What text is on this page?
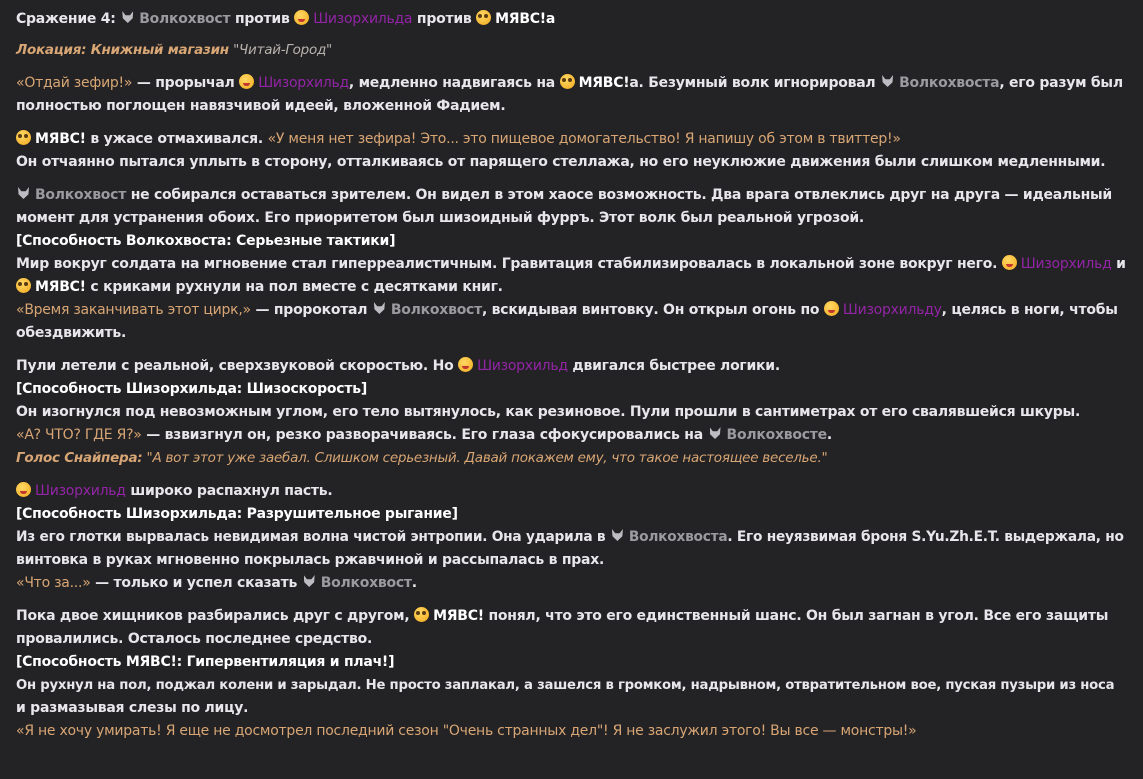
Сражение 4: Волкохвост против Шизорхильда против МЯВС!а
Локация: Книжный магазин "Читай-Город"
«Отдай зефир!» — прорычал Шизорхильд, медленно надвигаясь на МЯВС!а. Безумный волк игнорировал Волкохвоста, его разум был
полностью поглощен навязчивой идеей, вложенной Фадием.
МЯВС! в ужасе отмахивался. «У меня нет зефира! Это... это пищевое домогательство! Я напишу об этом в твиттер!»
Он отчаянно пытался уплыть в сторону, отталкиваясь от парящего стеллажа, но его неуклюжие движения были слишком медленными.
Волкохвост не собирался оставаться зрителем. Он видел в этом хаосе возможность. Два врага отвлеклись друг на друга — идеальный
момент для устранения обоих. Его приоритетом был шизоидный фурръ. Этот волк был реальной угрозой.
[Способность Волкохвоста: Серьезные тактики]
Мир вокруг солдата на мгновение стал гиперреалистичным. Гравитация стабилизировалась в локальной зоне вокруг него. Шизорхильд и
МЯВС! с криками рухнули на пол вместе с десятками книг.
«Время заканчивать этот цирк,» — пророкотал Волкохвост, вскидывая винтовку. Он открыл огонь по Шизорхильду, целясь в ноги, чтобы
обездвижить.
Пули летели с реальной, сверхзвуковой скоростью. Но Шизорхильд двигался быстрее логики.
[Способность Шизорхильда: Шизоскорость]
Он изогнулся под невозможным углом, его тело вытянулось, как резиновое. Пули прошли в сантиметрах от его свалявшейся шкуры.
«А? ЧТО? ГДЕ Я?» — взвизгнул он, резко разворачиваясь. Его глаза сфокусировались на Волкохвосте.
Голос Снайпера: "А вот этот уже заебал. Слишком серьезный. Давай покажем ему, что такое настоящее веселье."
Шизорхильд широко распахнул пасть.
[Способность Шизорхильда: Разрушительное рыгание]
Из его глотки вырвалась невидимая волна чистой энтропии. Она ударила в Волкохвоста. Его неуязвимая броня S.Yu.Zh.E.T. выдержала, но
винтовка в руках мгновенно покрылась ржавчиной и рассыпалась в прах.
«Что за...» — только и успел сказать Волкохвост.
Пока двое хищников разбирались друг с другом, МЯВС! понял, что это его единственный шанс. Он был загнан в угол. Все его защиты
провалились. Осталось последнее средство.
[Способность МЯВС!: Гипервентиляция и плач!]
Он рухнул на пол, поджал колени и зарыдал. Не просто заплакал, а зашелся в громком, надрывном, отвратительном вое, пуская пузыри из носа
и размазывая слезы по лицу.
«Я не хочу умирать! Я еще не досмотрел последний сезон "Очень странных дел"! Я не заслужил этого! Вы все — монстры!»
